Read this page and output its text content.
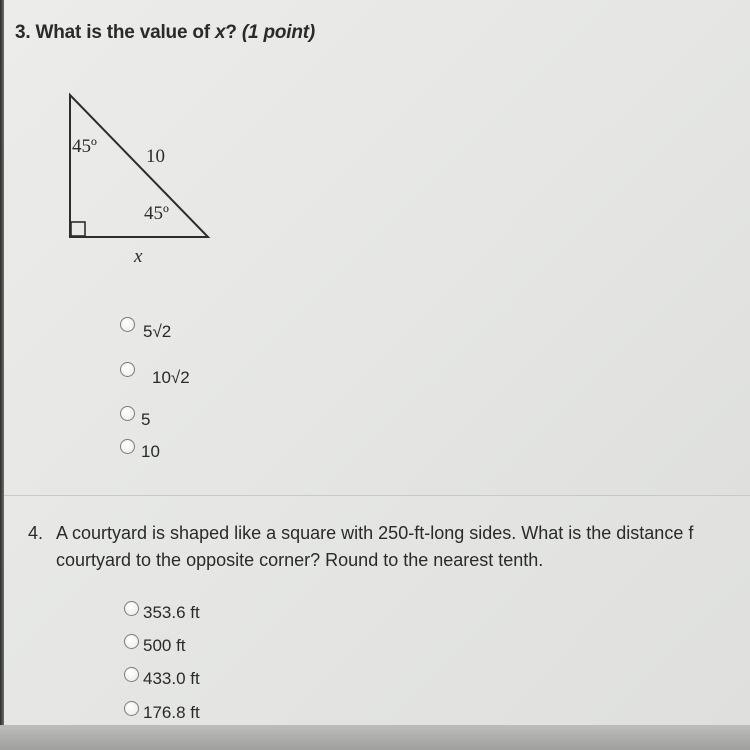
3. What is the value of x? (1 point)
45º	10
45º
x
5√2
10√2
5
10
4. A courtyard is shaped like a square with 250-ft-long sides. What is the distance f
courtyard to the opposite corner? Round to the nearest tenth.
353.6 ft
500 ft
433.0 ft
176.8 ft
